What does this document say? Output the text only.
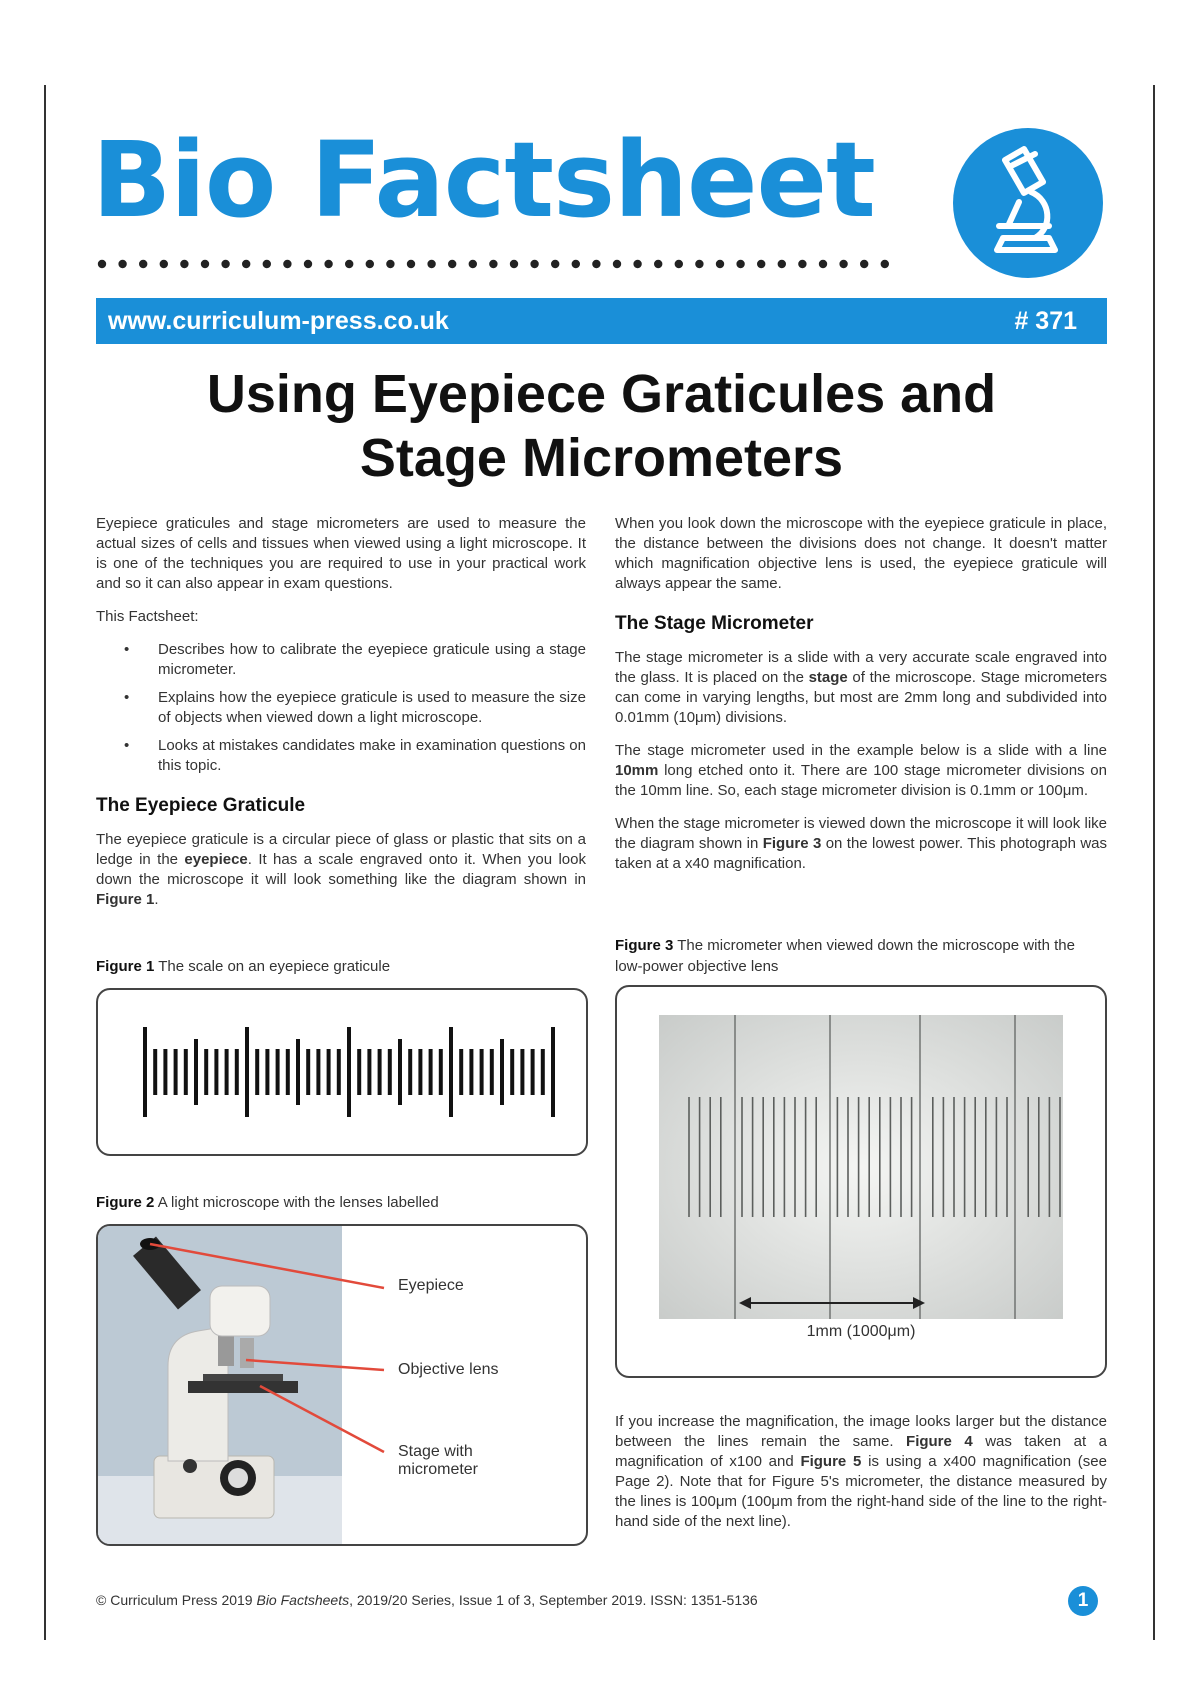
Bio Factsheet
www.curriculum-press.co.uk	# 371
Using Eyepiece Graticules and
Stage Micrometers

Eyepiece graticules and stage micrometers are used to measure the actual sizes of cells and tissues when viewed using a light microscope. It is one of the techniques you are required to use in your practical work and so it can also appear in exam questions.

This Factsheet:

• Describes how to calibrate the eyepiece graticule using a stage micrometer.
• Explains how the eyepiece graticule is used to measure the size of objects when viewed down a light microscope.
• Looks at mistakes candidates make in examination questions on this topic.
The Eyepiece Graticule

The eyepiece graticule is a circular piece of glass or plastic that sits on a ledge in the eyepiece. It has a scale engraved onto it. When you look down the microscope it will look something like the diagram shown in Figure 1.

Figure 1 The scale on an eyepiece graticule
Figure 2 A light microscope with the lenses labelled
Eyepiece
Objective lens
Stage with
micrometer

When you look down the microscope with the eyepiece graticule in place, the distance between the divisions does not change. It doesn't matter which magnification objective lens is used, the eyepiece graticule will always appear the same.

The Stage Micrometer

The stage micrometer is a slide with a very accurate scale engraved into the glass. It is placed on the stage of the microscope. Stage micrometers can come in varying lengths, but most are 2mm long and subdivided into 0.01mm (10μm) divisions.

The stage micrometer used in the example below is a slide with a line 10mm long etched onto it. There are 100 stage micrometer divisions on the 10mm line. So, each stage micrometer division is 0.1mm or 100μm.

When the stage micrometer is viewed down the microscope it will look like the diagram shown in Figure 3 on the lowest power. This photograph was taken at a x40 magnification.

Figure 3 The micrometer when viewed down the microscope with the low-power objective lens
1mm (1000μm)
If you increase the magnification, the image looks larger but the distance between the lines remain the same. Figure 4 was taken at a magnification of x100 and Figure 5 is using a x400 magnification (see Page 2). Note that for Figure 5's micrometer, the distance measured by the lines is 100μm (100μm from the right-hand side of the line to the right-hand side of the next line).
© Curriculum Press 2019 Bio Factsheets, 2019/20 Series, Issue 1 of 3, September 2019. ISSN: 1351-5136	1
